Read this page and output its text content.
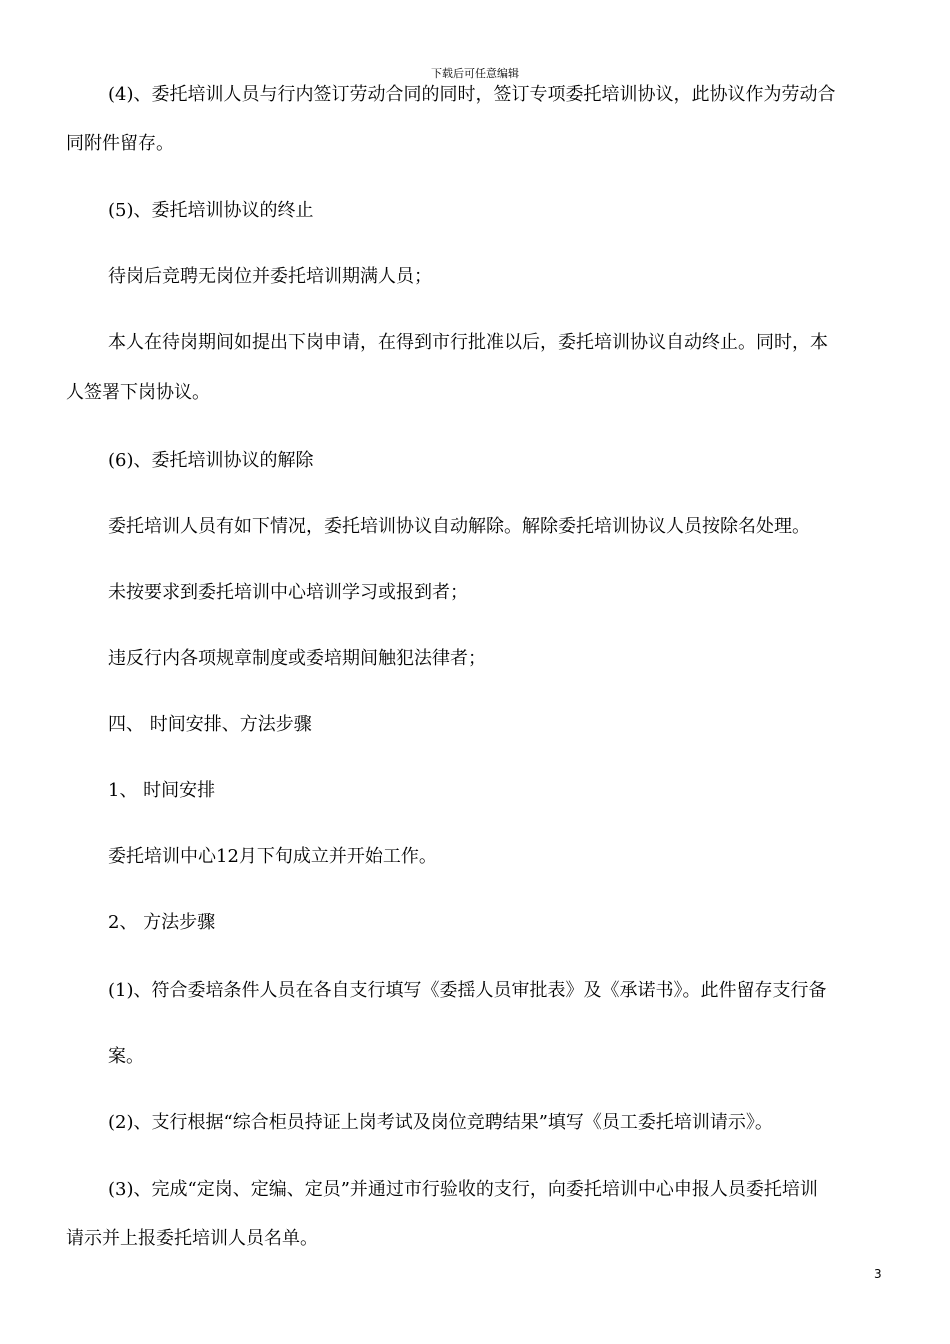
下载后可任意编辑
(4)、委托培训人员与行内签订劳动合同的同时，签订专项委托培训协议，此协议作为劳动合
同附件留存。
(5)、委托培训协议的终止
待岗后竞聘无岗位并委托培训期满人员；
本人在待岗期间如提出下岗申请，在得到市行批准以后，委托培训协议自动终止。同时，本
人签署下岗协议。
(6)、委托培训协议的解除
委托培训人员有如下情况，委托培训协议自动解除。解除委托培训协议人员按除名处理。
未按要求到委托培训中心培训学习或报到者；
违反行内各项规章制度或委培期间触犯法律者；
四、 时间安排、方法步骤
1、 时间安排
委托培训中心12月下旬成立并开始工作。
2、 方法步骤
(1)、符合委培条件人员在各自支行填写《委揺人员审批表》及《承诺书》。此件留存支行备
案。
(2)、支行根据“综合柜员持证上岗考试及岗位竞聘结果”填写《员工委托培训请示》。
(3)、完成“定岗、定编、定员”并通过市行验收的支行，向委托培训中心申报人员委托培训
请示并上报委托培训人员名单。
3
